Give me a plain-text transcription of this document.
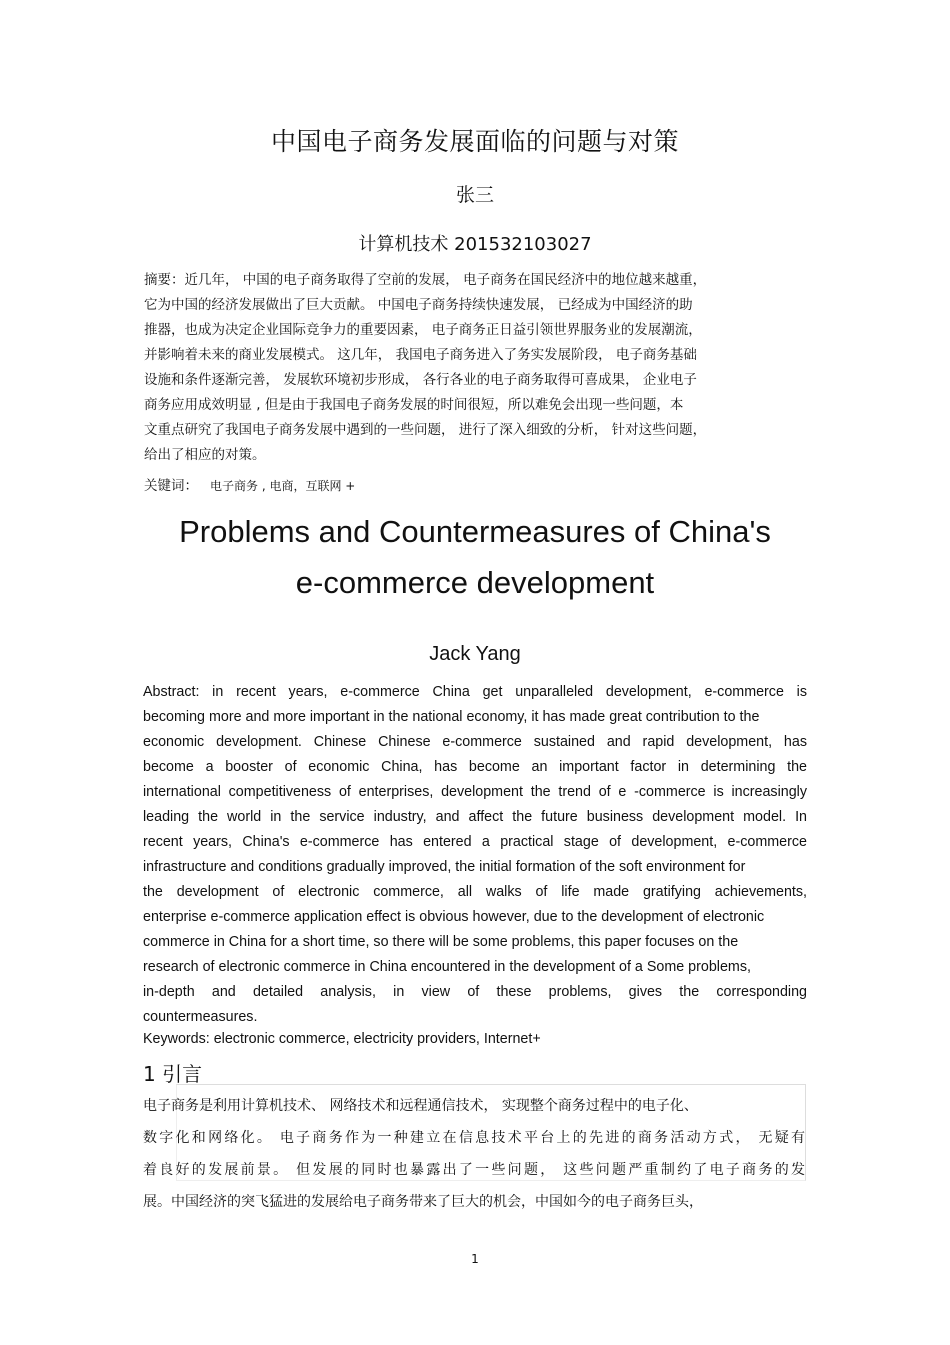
中国电子商务发展面临的问题与对策
张三
计算机技术 201532103027
摘要：近几年， 中国的电子商务取得了空前的发展， 电子商务在国民经济中的地位越来越重，
它为中国的经济发展做出了巨大贡献。 中国电子商务持续快速发展， 已经成为中国经济的助
推器，也成为决定企业国际竞争力的重要因素， 电子商务正日益引领世界服务业的发展潮流，
并影响着未来的商业发展模式。 这几年， 我国电子商务进入了务实发展阶段， 电子商务基础
设施和条件逐渐完善， 发展软环境初步形成， 各行各业的电子商务取得可喜成果， 企业电子
商务应用成效明显 , 但是由于我国电子商务发展的时间很短，所以难免会出现一些问题，本
文重点研究了我国电子商务发展中遇到的一些问题， 进行了深入细致的分析， 针对这些问题，
给出了相应的对策。
关键词： 电子商务 , 电商，互联网 +
Problems and Countermeasures of China's
e-commerce development
Jack Yang
Abstract: in recent years, e-commerce China get unparalleled development, e-commerce is
becoming more and more important in the national economy, it has made great contribution to the
economic development. Chinese Chinese e-commerce sustained and rapid development, has
become a booster of economic China, has become an important factor in determining the
international competitiveness of enterprises, development the trend of e -commerce is increasingly
leading the world in the service industry, and affect the future business development model. In
recent years, China's e-commerce has entered a practical stage of development, e-commerce
infrastructure and conditions gradually improved, the initial formation of the soft environment for
the development of electronic commerce, all walks of life made gratifying achievements,
enterprise e-commerce application effect is obvious however, due to the development of electronic
commerce in China for a short time, so there will be some problems, this paper focuses on the
research of electronic commerce in China encountered in the development of a Some problems,
in-depth and detailed analysis, in view of these problems, gives the corresponding
countermeasures.
Keywords: electronic commerce, electricity providers, Internet+
1 引言
电子商务是利用计算机技术、 网络技术和远程通信技术， 实现整个商务过程中的电子化、
数字化和网络化。 电子商务作为一种建立在信息技术平台上的先进的商务活动方式， 无疑有
着良好的发展前景。 但发展的同时也暴露出了一些问题， 这些问题严重制约了电子商务的发
展。中国经济的突飞猛进的发展给电子商务带来了巨大的机会，中国如今的电子商务巨头，
1
